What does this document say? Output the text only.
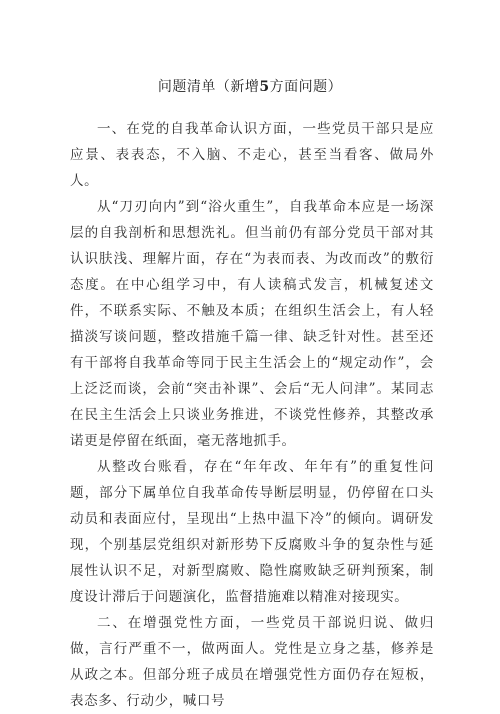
问题清单（新增5方面问题）

一、在党的自我革命认识方面，一些党员干部只是应应景、表表态，不入脑、不走心，甚至当看客、做局外人。

从“刀刃向内”到“浴火重生”，自我革命本应是一场深层的自我剖析和思想洗礼。但当前仍有部分党员干部对其认识肤浅、理解片面，存在“为表而表、为改而改”的敷衍态度。在中心组学习中，有人读稿式发言，机械复述文件，不联系实际、不触及本质；在组织生活会上，有人轻描淡写谈问题，整改措施千篇一律、缺乏针对性。甚至还有干部将自我革命等同于民主生活会上的“规定动作”，会上泛泛而谈，会前“突击补课”、会后“无人问津”。某同志在民主生活会上只谈业务推进，不谈党性修养，其整改承诺更是停留在纸面，毫无落地抓手。

从整改台账看，存在“年年改、年年有”的重复性问题，部分下属单位自我革命传导断层明显，仍停留在口头动员和表面应付，呈现出“上热中温下冷”的倾向。调研发现，个别基层党组织对新形势下反腐败斗争的复杂性与延展性认识不足，对新型腐败、隐性腐败缺乏研判预案，制度设计滞后于问题演化，监督措施难以精准对接现实。

二、在增强党性方面，一些党员干部说归说、做归做，言行严重不一，做两面人。党性是立身之基，修养是从政之本。但部分班子成员在增强党性方面仍存在短板，表态多、行动少，喊口号
